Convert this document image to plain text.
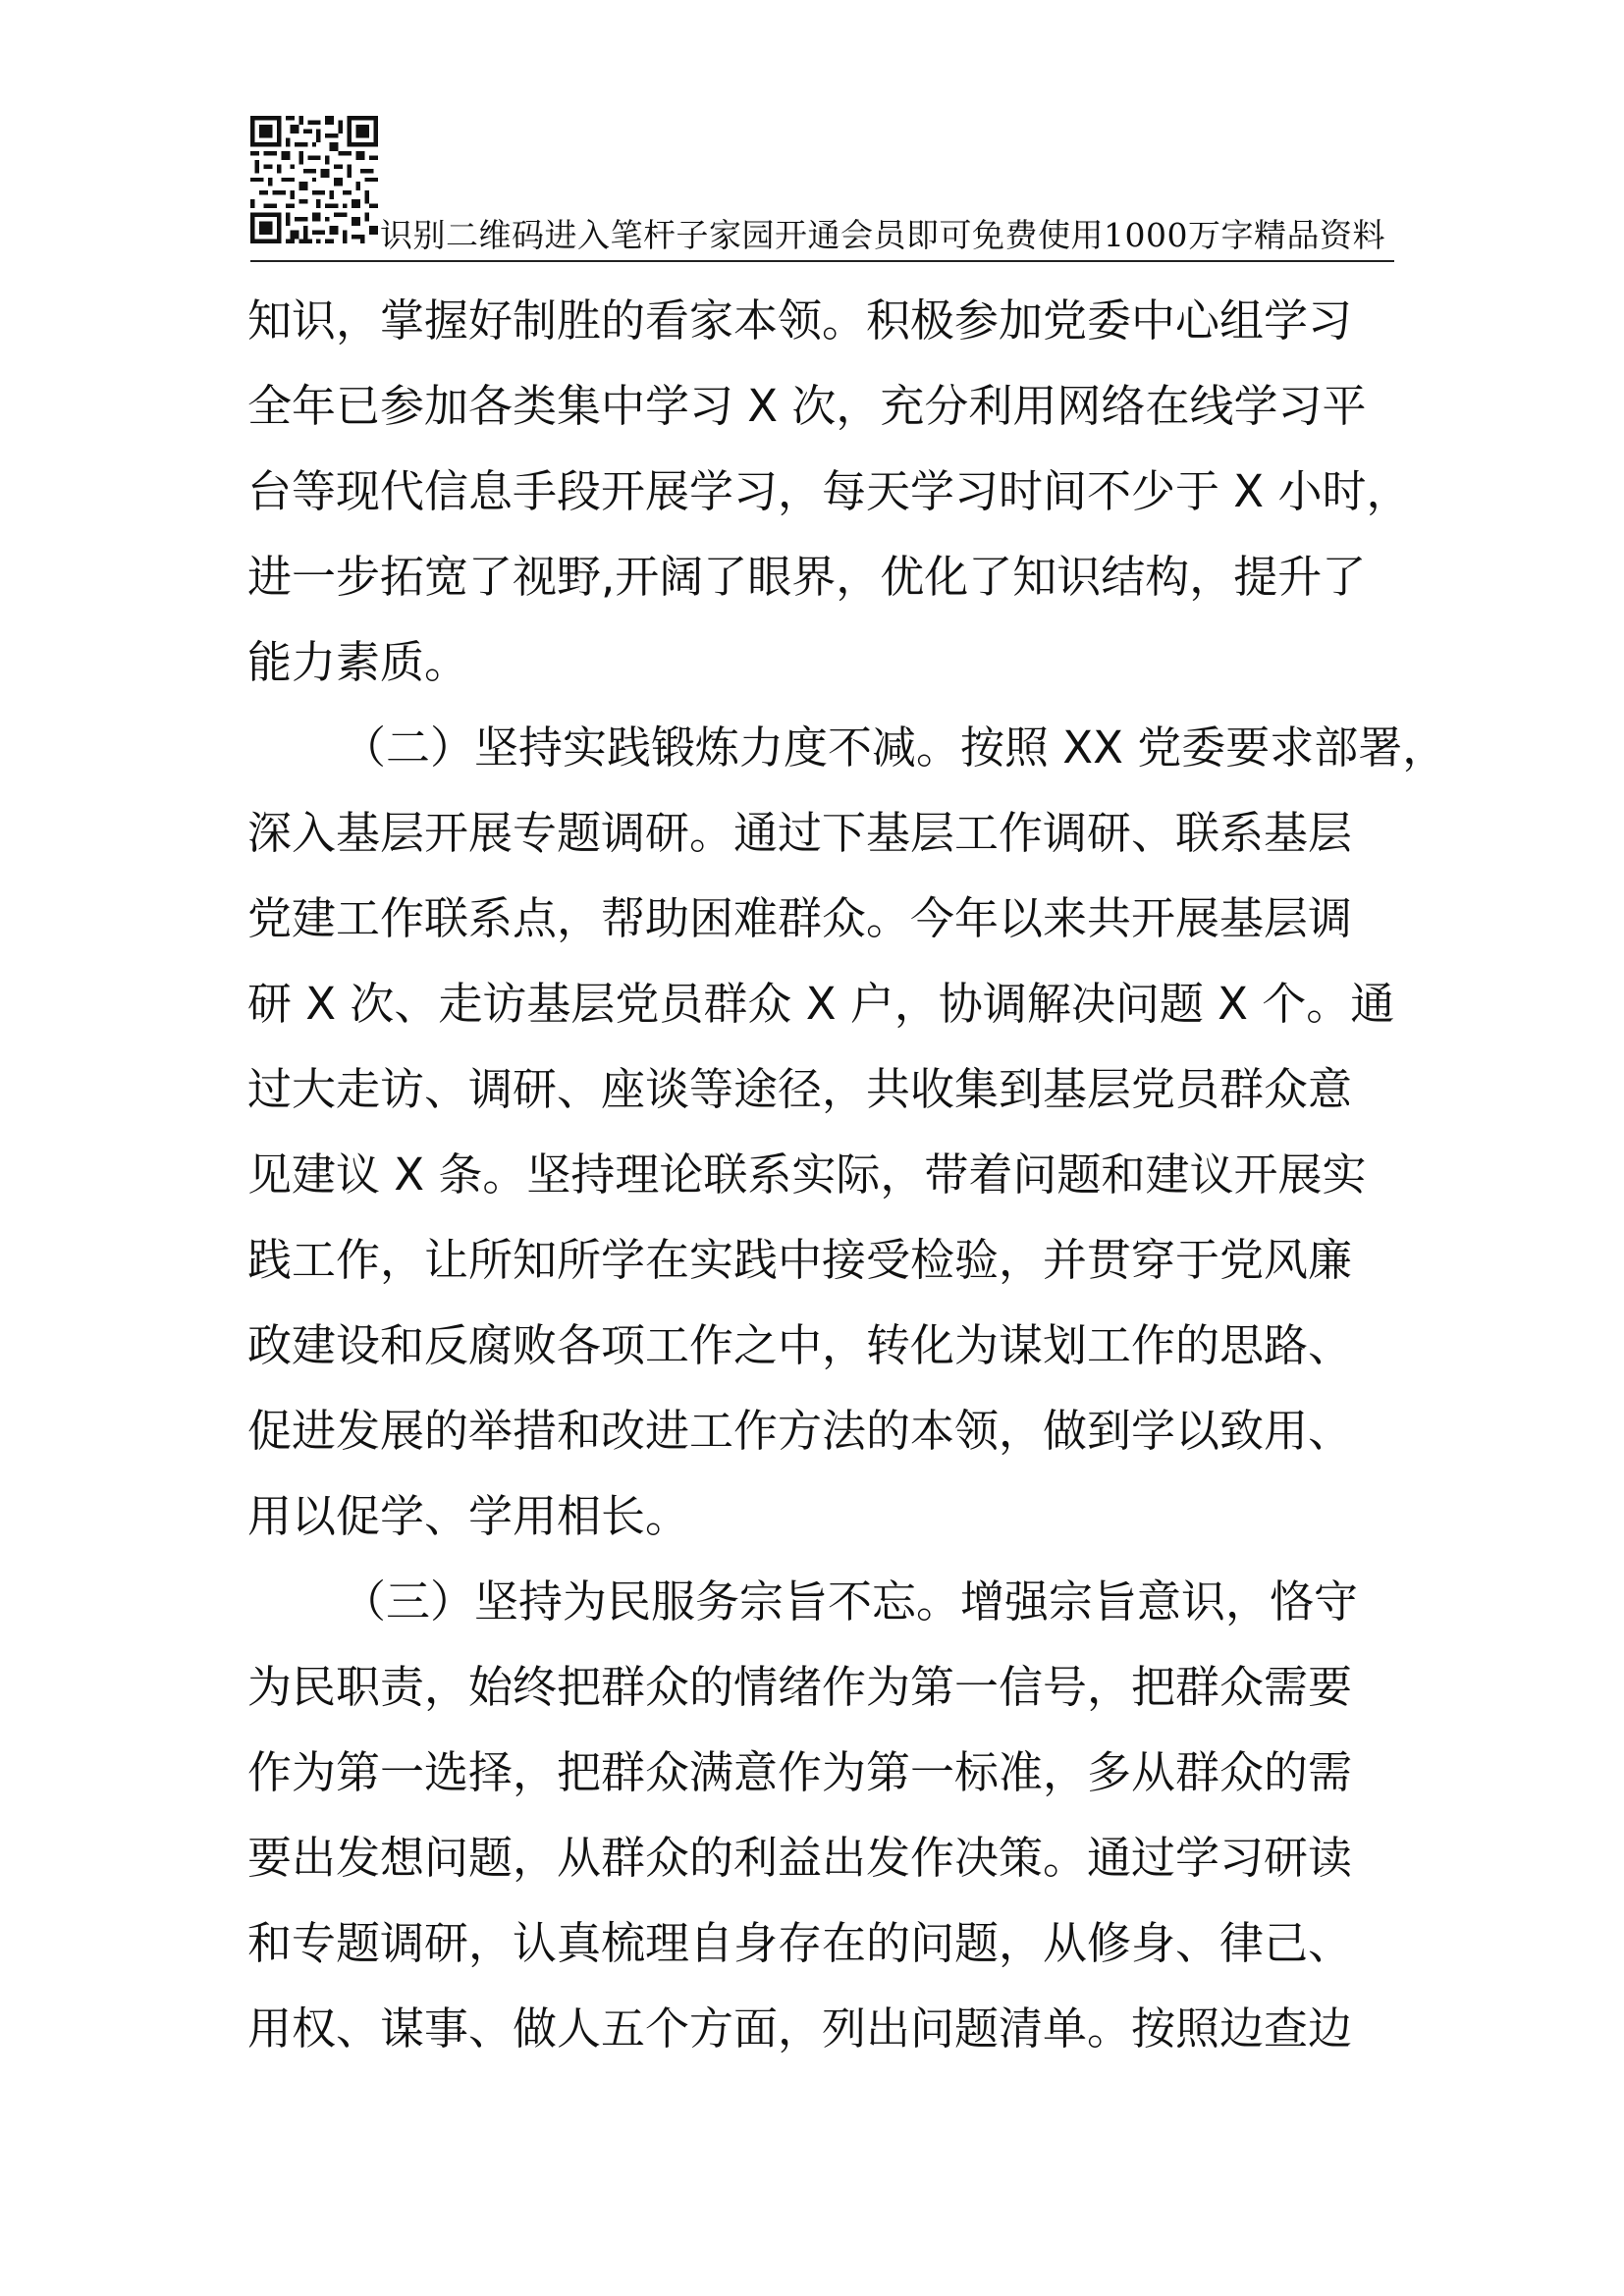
识别二维码进入笔杆子家园开通会员即可免费使用1000万字精品资料
知识，掌握好制胜的看家本领。积极参加党委中心组学习
全年已参加各类集中学习 X 次，充分利用网络在线学习平
台等现代信息手段开展学习，每天学习时间不少于 X 小时，
进一步拓宽了视野,开阔了眼界，优化了知识结构，提升了
能力素质。
（二）坚持实践锻炼力度不减。按照 XX 党委要求部署，
深入基层开展专题调研。通过下基层工作调研、联系基层
党建工作联系点，帮助困难群众。今年以来共开展基层调
研 X 次、走访基层党员群众 X 户，协调解决问题 X 个。通
过大走访、调研、座谈等途径，共收集到基层党员群众意
见建议 X 条。坚持理论联系实际，带着问题和建议开展实
践工作，让所知所学在实践中接受检验，并贯穿于党风廉
政建设和反腐败各项工作之中，转化为谋划工作的思路、
促进发展的举措和改进工作方法的本领，做到学以致用、
用以促学、学用相长。
（三）坚持为民服务宗旨不忘。增强宗旨意识，恪守
为民职责，始终把群众的情绪作为第一信号，把群众需要
作为第一选择，把群众满意作为第一标准，多从群众的需
要出发想问题，从群众的利益出发作决策。通过学习研读
和专题调研，认真梳理自身存在的问题，从修身、律己、
用权、谋事、做人五个方面，列出问题清单。按照边查边
